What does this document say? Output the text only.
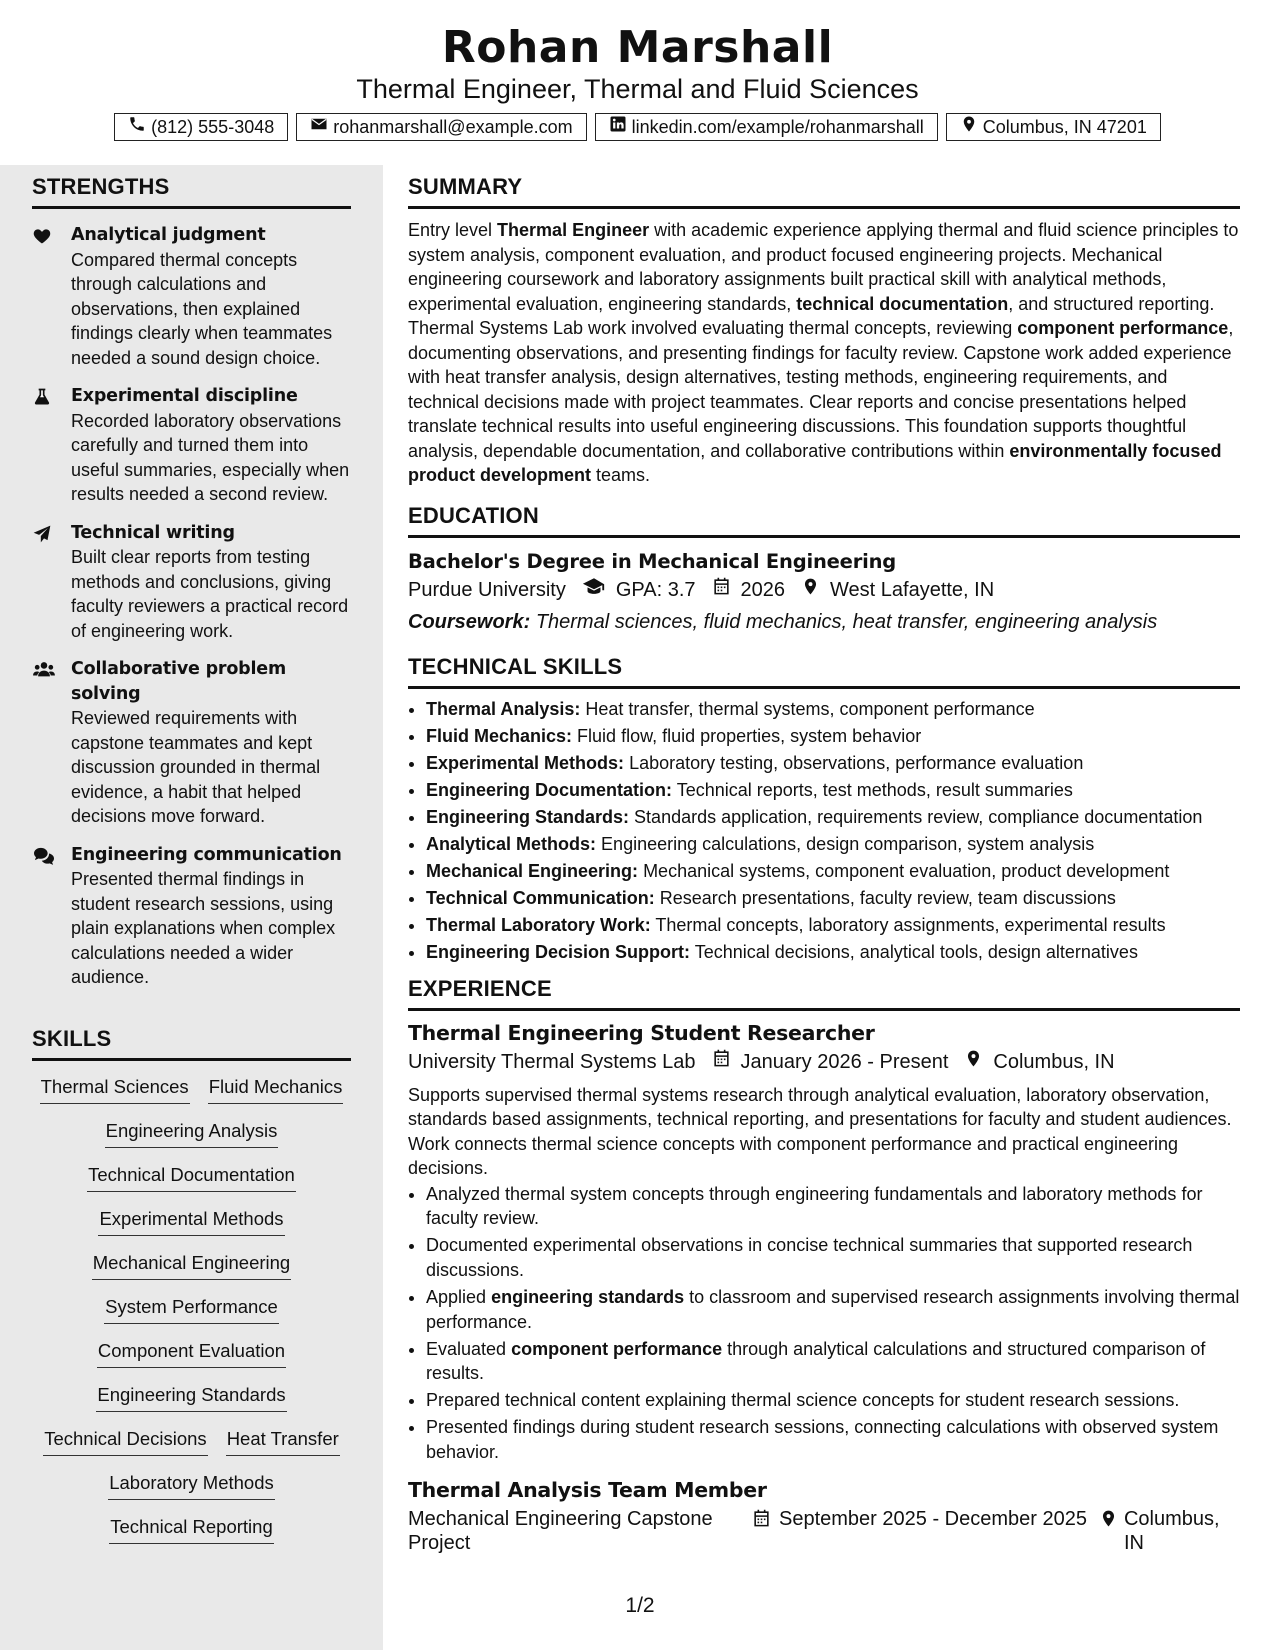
Rohan Marshall
Thermal Engineer, Thermal and Fluid Sciences
(812) 555-3048	rohanmarshall@example.com	linkedin.com/example/rohanmarshall	Columbus, IN 47201
STRENGTHS
Analytical judgment
Compared thermal concepts through calculations and observations, then explained findings clearly when teammates needed a sound design choice.
Experimental discipline
Recorded laboratory observations carefully and turned them into useful summaries, especially when results needed a second review.
Technical writing
Built clear reports from testing methods and conclusions, giving faculty reviewers a practical record of engineering work.
Collaborative problem solving
Reviewed requirements with capstone teammates and kept discussion grounded in thermal evidence, a habit that helped decisions move forward.
Engineering communication
Presented thermal findings in student research sessions, using plain explanations when complex calculations needed a wider audience.
SKILLS
Thermal Sciences Fluid Mechanics
Engineering Analysis
Technical Documentation
Experimental Methods
Mechanical Engineering
System Performance
Component Evaluation
Engineering Standards
Technical Decisions Heat Transfer
Laboratory Methods
Technical Reporting
SUMMARY
Entry level Thermal Engineer with academic experience applying thermal and fluid science principles to system analysis, component evaluation, and product focused engineering projects. Mechanical engineering coursework and laboratory assignments built practical skill with analytical methods, experimental evaluation, engineering standards, technical documentation, and structured reporting. Thermal Systems Lab work involved evaluating thermal concepts, reviewing component performance, documenting observations, and presenting findings for faculty review. Capstone work added experience with heat transfer analysis, design alternatives, testing methods, engineering requirements, and technical decisions made with project teammates. Clear reports and concise presentations helped translate technical results into useful engineering discussions. This foundation supports thoughtful analysis, dependable documentation, and collaborative contributions within environmentally focused product development teams.
EDUCATION
Bachelor's Degree in Mechanical Engineering
Purdue University	GPA: 3.7 2026 West Lafayette, IN
Coursework: Thermal sciences, fluid mechanics, heat transfer, engineering analysis
TECHNICAL SKILLS
• Thermal Analysis: Heat transfer, thermal systems, component performance
• Fluid Mechanics: Fluid flow, fluid properties, system behavior
• Experimental Methods: Laboratory testing, observations, performance evaluation
• Engineering Documentation: Technical reports, test methods, result summaries
• Engineering Standards: Standards application, requirements review, compliance documentation
• Analytical Methods: Engineering calculations, design comparison, system analysis
• Mechanical Engineering: Mechanical systems, component evaluation, product development
• Technical Communication: Research presentations, faculty review, team discussions
• Thermal Laboratory Work: Thermal concepts, laboratory assignments, experimental results
• Engineering Decision Support: Technical decisions, analytical tools, design alternatives
EXPERIENCE
Thermal Engineering Student Researcher
University Thermal Systems Lab January 2026 - Present Columbus, IN
Supports supervised thermal systems research through analytical evaluation, laboratory observation, standards based assignments, technical reporting, and presentations for faculty and student audiences. Work connects thermal science concepts with component performance and practical engineering decisions.
• Analyzed thermal system concepts through engineering fundamentals and laboratory methods for faculty review.
• Documented experimental observations in concise technical summaries that supported research discussions.
• Applied engineering standards to classroom and supervised research assignments involving thermal performance.
• Evaluated component performance through analytical calculations and structured comparison of results.
• Prepared technical content explaining thermal science concepts for student research sessions.
• Presented findings during student research sessions, connecting calculations with observed system behavior.
Thermal Analysis Team Member
Mechanical Engineering Capstone Project
September 2025 - December 2025 Columbus, IN
1/2
